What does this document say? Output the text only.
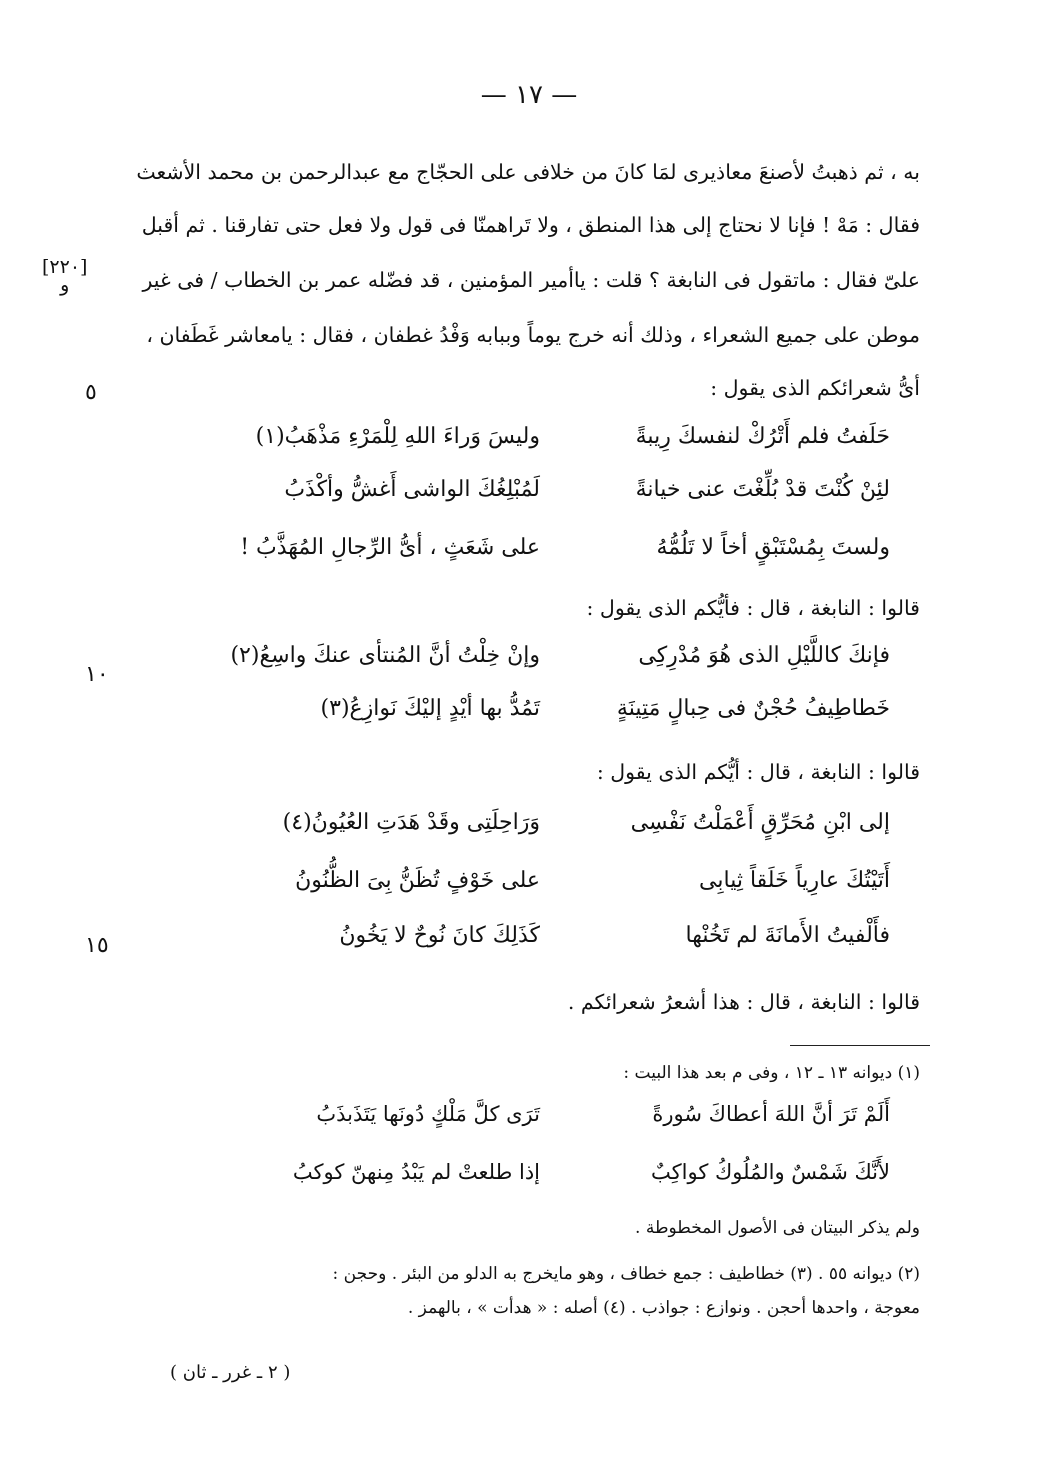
— ١٧ —
به ، ثم ذهبتُ لأصنعَ معاذيرى لمَا كانَ من خلافى على الحجّاج مع عبدالرحمن بن محمد الأشعث
فقال : مَهْ ! فإنا لا نحتاج إلى هذا المنطق ، ولا تَراهمنّا فى قول ولا فعل حتى تفارقنا . ثم أقبل
علىّ فقال : ماتقول فى النابغة ؟ قلت : ياأمير المؤمنين ، قد فضّله عمر بن الخطاب / فى غير
موطن على جميع الشعراء ، وذلك أنه خرج يوماً وببابه وَفْدُ غطفان ، فقال : يامعاشر غَطَفان ،
أىُّ شعرائكم الذى يقول :
[٢٢٠]
و
٥
١٠
١٥
حَلَفتُ فلم أَتْرُكْ لنفسكَ رِيبةً
وليسَ وَراءَ اللهِ لِلْمَرْءِ مَذْهَبُ(١)
لئِنْ كُنْتَ قدْ بُلِّغْتَ عنى خيانةً
لَمُبْلِغُكَ الواشى أَغشُّ وأكْذَبُ
ولستَ بِمُسْتَبْقٍ أخاً لا تَلُمُّهُ
على شَعَثٍ ، أىُّ الرِّجالِ المُهَذَّبُ !
قالوا : النابغة ، قال : فأيُّكم الذى يقول :
فإنكَ كاللَّيْلِ الذى هُوَ مُدْرِكِى
وإنْ خِلْتُ أنَّ المُنتأى عنكَ واسِعُ(٢)
خَطاطِيفُ حُجْنٌ فى حِبالٍ مَتِينَةٍ
تَمُدُّ بها أيْدٍ إليْكَ نَوازِعُ(٣)
قالوا : النابغة ، قال : أيُّكم الذى يقول :
إلى ابْنِ مُحَرِّقٍ أَعْمَلْتُ نَفْسِى
وَرَاحِلَتِى وقَدْ هَدَتِ العُيُونُ(٤)
أَتَيْتُكَ عارِياً خَلَقاً ثِيابِى
على خَوْفٍ تُظَنُّ بِىَ الظُّنُونُ
فأَلْفيتُ الأَمانَةَ لم تَخُنْها
كَذَلِكَ كانَ نُوحٌ لا يَخُونُ
قالوا : النابغة ، قال : هذا أشعرُ شعرائكم .
(١) ديوانه ١٣ ـ ١٢ ، وفى م بعد هذا البيت :
أَلَمْ تَرَ أنَّ اللهَ أعطاكَ سُورةً
تَرَى كلَّ مَلْكٍ دُونَها يَتَذَبذَبُ
لأَنَّكَ شَمْسٌ والمُلُوكُ كواكِبٌ
إذا طلعتْ لم يَبْدُ مِنهنّ كوكبُ
ولم يذكر البيتان فى الأصول المخطوطة .
(٢) ديوانه ٥٥ . (٣) خطاطيف : جمع خطاف ، وهو مايخرج به الدلو من البئر . وحجن :
معوجة ، واحدها أحجن . ونوازع : جواذب . (٤) أصله : « هدأت » ، بالهمز .
( ٢ ـ غرر ـ ثان )
